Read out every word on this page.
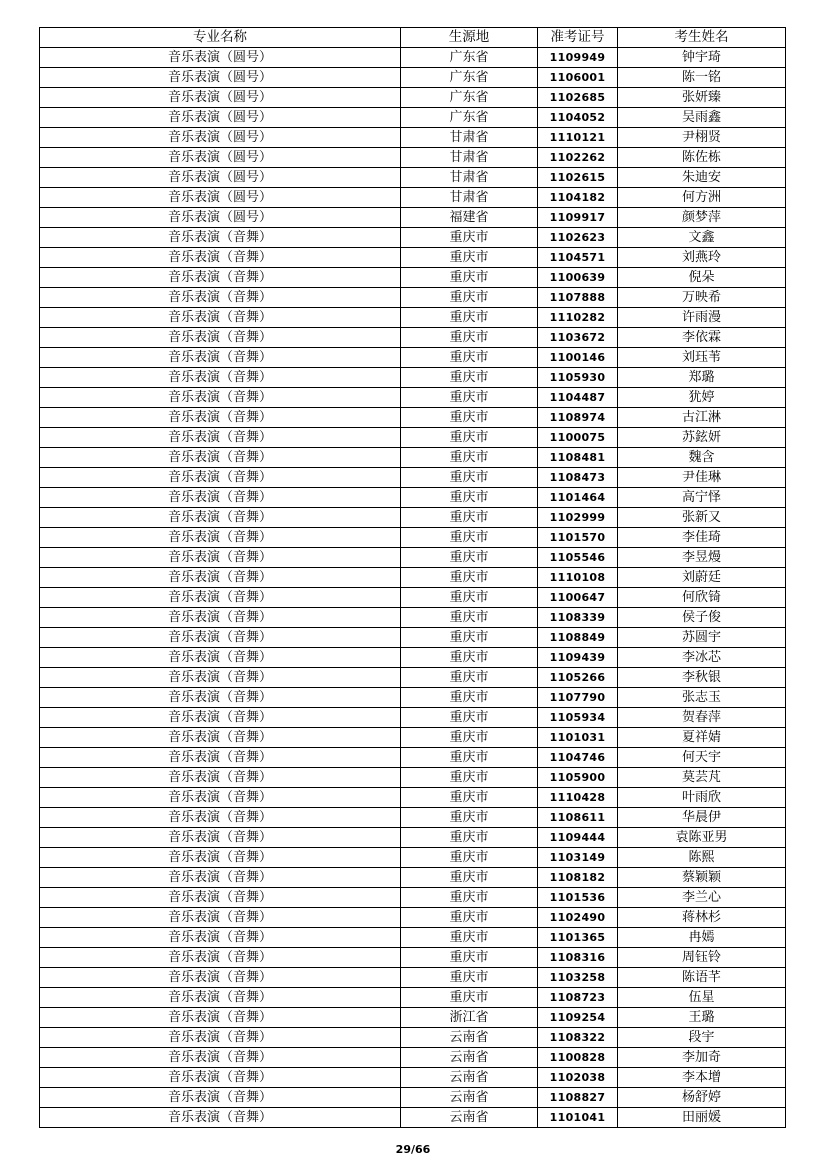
专业名称	生源地	准考证号	考生姓名
音乐表演（圆号）	广东省	1109949	钟宇琦
音乐表演（圆号）	广东省	1106001	陈一铭
音乐表演（圆号）	广东省	1102685	张妍臻
音乐表演（圆号）	广东省	1104052	吴雨鑫
音乐表演（圆号）	甘肃省	1110121	尹栩贤
音乐表演（圆号）	甘肃省	1102262	陈佐栋
音乐表演（圆号）	甘肃省	1102615	朱迪安
音乐表演（圆号）	甘肃省	1104182	何方洲
音乐表演（圆号）	福建省	1109917	颜梦萍
音乐表演（音舞）	重庆市	1102623	文鑫
音乐表演（音舞）	重庆市	1104571	刘燕玲
音乐表演（音舞）	重庆市	1100639	倪朵
音乐表演（音舞）	重庆市	1107888	万映希
音乐表演（音舞）	重庆市	1110282	许雨漫
音乐表演（音舞）	重庆市	1103672	李依霖
音乐表演（音舞）	重庆市	1100146	刘珏苇
音乐表演（音舞）	重庆市	1105930	郑璐
音乐表演（音舞）	重庆市	1104487	犹婷
音乐表演（音舞）	重庆市	1108974	古江淋
音乐表演（音舞）	重庆市	1100075	苏鉉妍
音乐表演（音舞）	重庆市	1108481	魏含
音乐表演（音舞）	重庆市	1108473	尹佳琳
音乐表演（音舞）	重庆市	1101464	高宁怿
音乐表演（音舞）	重庆市	1102999	张新又
音乐表演（音舞）	重庆市	1101570	李佳琦
音乐表演（音舞）	重庆市	1105546	李昱熳
音乐表演（音舞）	重庆市	1110108	刘蔚廷
音乐表演（音舞）	重庆市	1100647	何欣锜
音乐表演（音舞）	重庆市	1108339	侯子俊
音乐表演（音舞）	重庆市	1108849	苏圆宇
音乐表演（音舞）	重庆市	1109439	李冰芯
音乐表演（音舞）	重庆市	1105266	李秋银
音乐表演（音舞）	重庆市	1107790	张志玉
音乐表演（音舞）	重庆市	1105934	贺春萍
音乐表演（音舞）	重庆市	1101031	夏祥婧
音乐表演（音舞）	重庆市	1104746	何天宇
音乐表演（音舞）	重庆市	1105900	莫芸芃
音乐表演（音舞）	重庆市	1110428	叶雨欣
音乐表演（音舞）	重庆市	1108611	华晨伊
音乐表演（音舞）	重庆市	1109444	袁陈亚男
音乐表演（音舞）	重庆市	1103149	陈熙
音乐表演（音舞）	重庆市	1108182	蔡颖颖
音乐表演（音舞）	重庆市	1101536	李兰心
音乐表演（音舞）	重庆市	1102490	蒋林杉
音乐表演（音舞）	重庆市	1101365	冉嫣
音乐表演（音舞）	重庆市	1108316	周钰铃
音乐表演（音舞）	重庆市	1103258	陈语芊
音乐表演（音舞）	重庆市	1108723	伍星
音乐表演（音舞）	浙江省	1109254	王璐
音乐表演（音舞）	云南省	1108322	段宇
音乐表演（音舞）	云南省	1100828	李加奇
音乐表演（音舞）	云南省	1102038	李本增
音乐表演（音舞）	云南省	1108827	杨舒婷
音乐表演（音舞）	云南省	1101041	田丽媛
29/66
